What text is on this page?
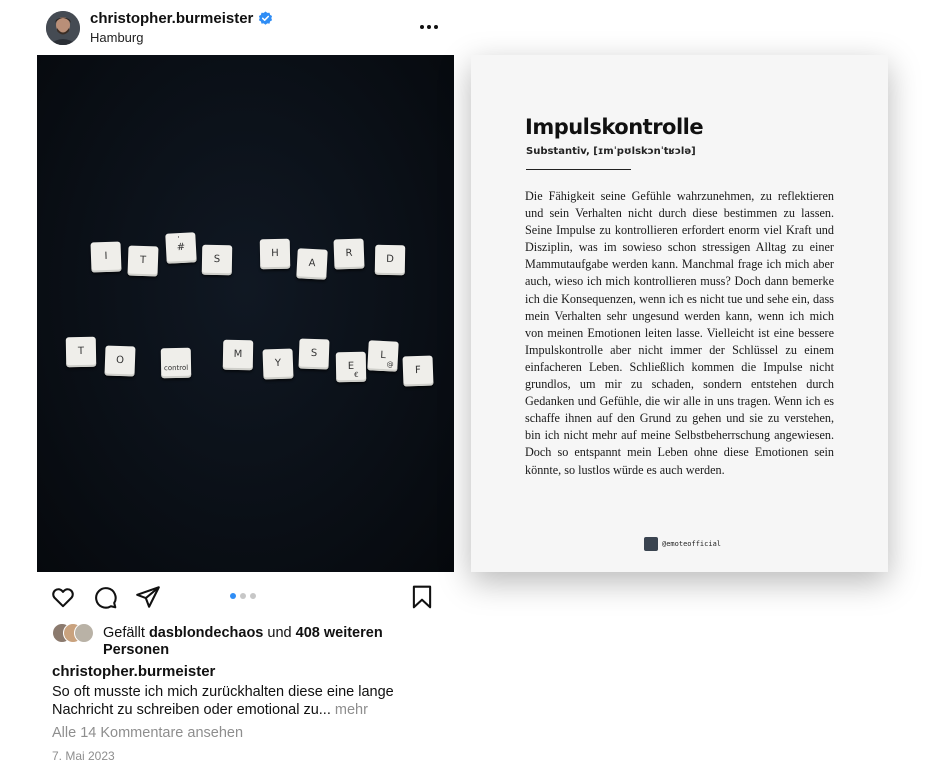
christopher.burmeister
Hamburg
I	T
'
#
S
H
A
R
D
T
O
control
M
Y
S
E
€
L
@
F
Impulskontrolle
Substantiv, [ɪmˈpʊlskɔnˈtʁɔlə]
Die Fähigkeit seine Gefühle wahrzunehmen, zu reflektieren und sein Verhalten nicht durch diese bestimmen zu lassen. Seine Impulse zu kontrollieren erfordert enorm viel Kraft und Disziplin, was im sowieso schon stressigen Alltag zu einer Mammutaufgabe werden kann. Manchmal frage ich mich aber auch, wieso ich mich kontrollieren muss? Doch dann bemerke ich die Konsequenzen, wenn ich es nicht tue und sehe ein, dass mein Verhalten sehr ungesund werden kann, wenn ich mich von meinen Emotionen leiten lasse. Vielleicht ist eine bessere Impulskontrolle aber nicht immer der Schlüssel zu einem einfacheren Leben. Schließlich kommen die Impulse nicht grundlos, um mir zu schaden, sondern entstehen durch Gedanken und Gefühle, die wir alle in uns tragen. Wenn ich es schaffe ihnen auf den Grund zu gehen und sie zu verstehen, bin ich nicht mehr auf meine Selbstbeherrschung angewiesen. Doch so entspannt mein Leben ohne diese Emotionen sein könnte, so lustlos würde es auch werden.
@emoteofficial
Gefällt dasblondechaos und 408 weiteren Personen
christopher.burmeister
So oft musste ich mich zurückhalten diese eine lange Nachricht zu schreiben oder emotional zu... mehr
Alle 14 Kommentare ansehen
7. Mai 2023
